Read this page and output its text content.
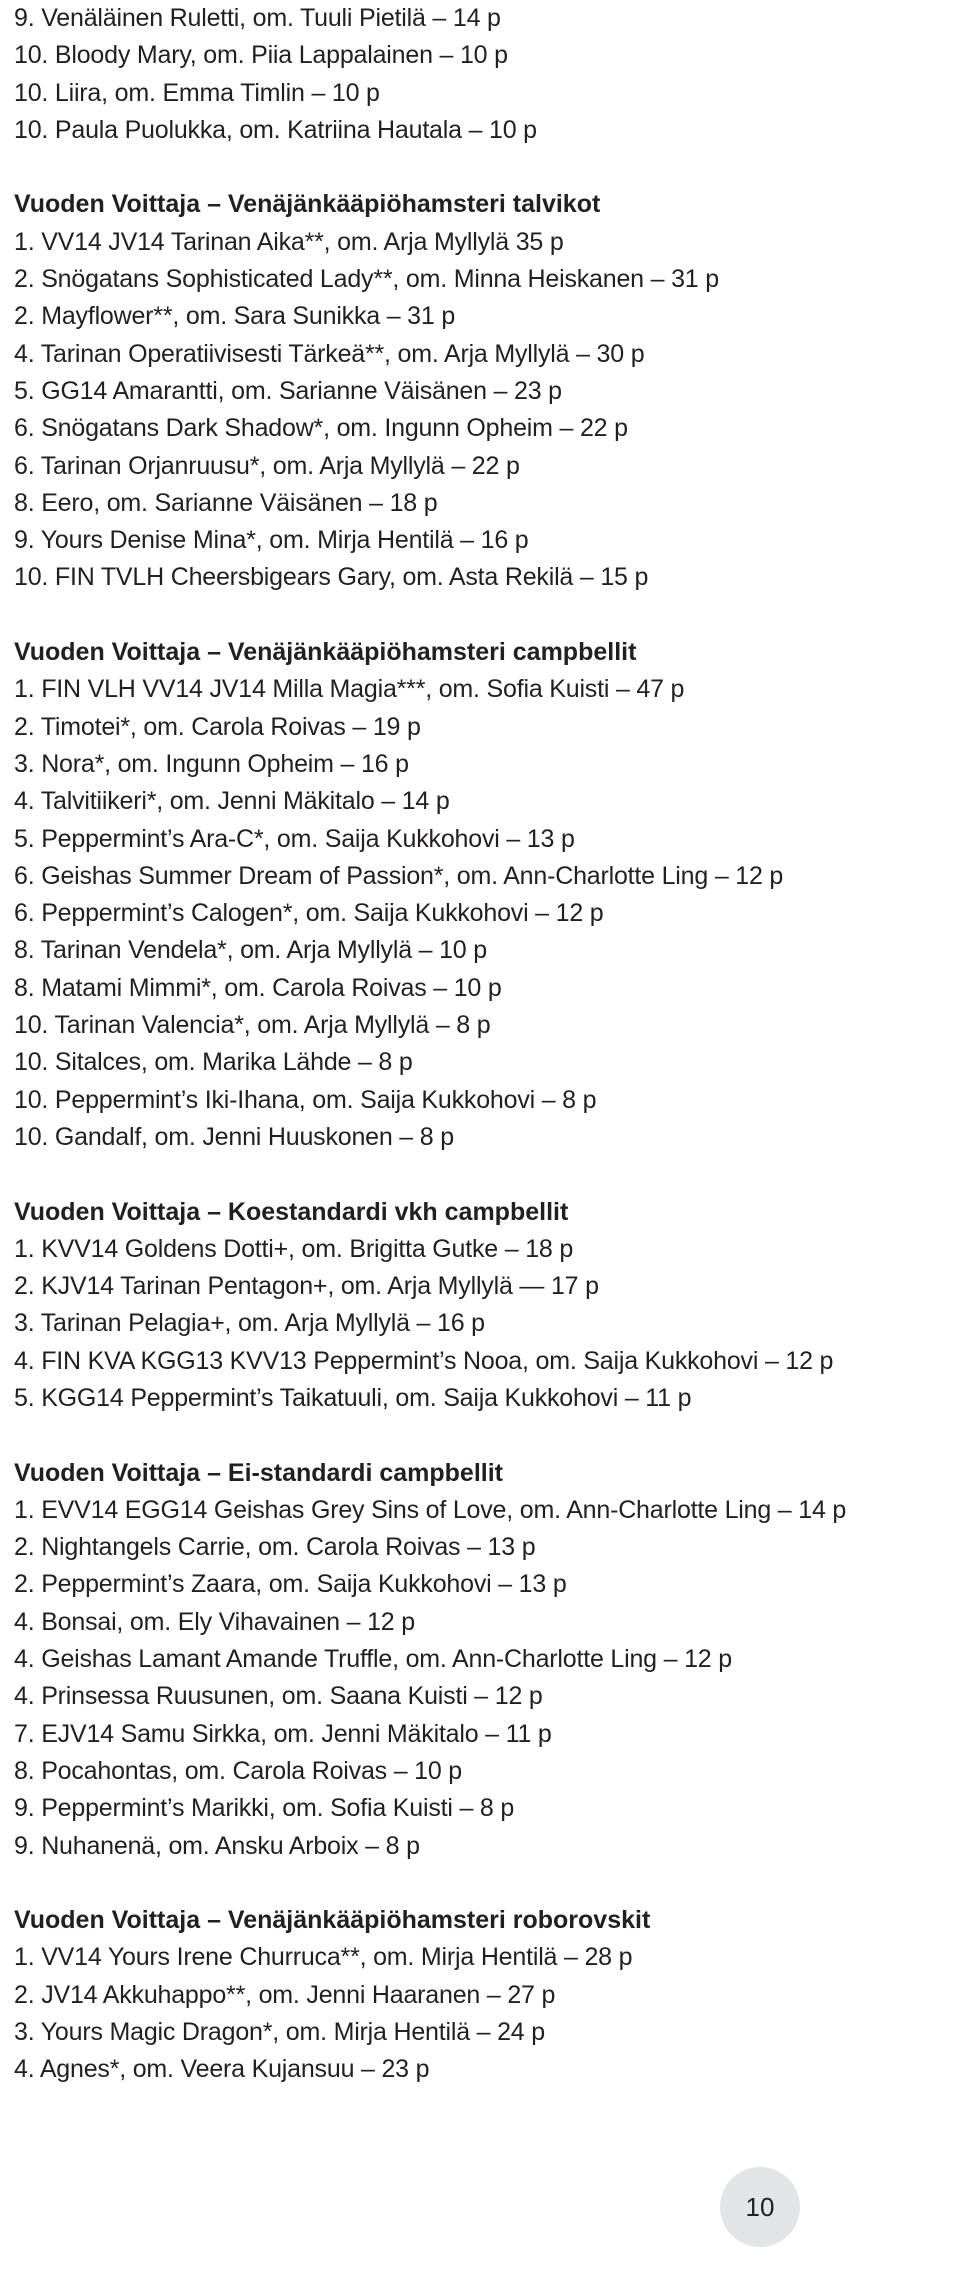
9. Venäläinen Ruletti, om. Tuuli Pietilä – 14 p
10. Bloody Mary, om. Piia Lappalainen – 10 p
10. Liira, om. Emma Timlin – 10 p
10. Paula Puolukka, om. Katriina Hautala – 10 p
Vuoden Voittaja – Venäjänkääpiöhamsteri talvikot
1. VV14 JV14 Tarinan Aika**, om. Arja Myllylä 35 p
2. Snögatans Sophisticated Lady**, om. Minna Heiskanen – 31 p
2. Mayflower**, om. Sara Sunikka – 31 p
4. Tarinan Operatiivisesti Tärkeä**, om. Arja Myllylä – 30 p
5. GG14 Amarantti, om. Sarianne Väisänen – 23 p
6. Snögatans Dark Shadow*, om. Ingunn Opheim – 22 p
6. Tarinan Orjanruusu*, om. Arja Myllylä – 22 p
8. Eero, om. Sarianne Väisänen – 18 p
9. Yours Denise Mina*, om. Mirja Hentilä – 16 p
10. FIN TVLH Cheersbigears Gary, om. Asta Rekilä – 15 p
Vuoden Voittaja – Venäjänkääpiöhamsteri campbellit
1. FIN VLH VV14 JV14 Milla Magia***, om. Sofia Kuisti – 47 p
2. Timotei*, om. Carola Roivas – 19 p
3. Nora*, om. Ingunn Opheim – 16 p
4. Talvitiikeri*, om. Jenni Mäkitalo – 14 p
5. Peppermint’s Ara-C*, om. Saija Kukkohovi – 13 p
6. Geishas Summer Dream of Passion*, om. Ann-Charlotte Ling – 12 p
6. Peppermint’s Calogen*, om. Saija Kukkohovi – 12 p
8. Tarinan Vendela*, om. Arja Myllylä – 10 p
8. Matami Mimmi*, om. Carola Roivas – 10 p
10. Tarinan Valencia*, om. Arja Myllylä – 8 p
10. Sitalces, om. Marika Lähde – 8 p
10. Peppermint’s Iki-Ihana, om. Saija Kukkohovi – 8 p
10. Gandalf, om. Jenni Huuskonen – 8 p
Vuoden Voittaja – Koestandardi vkh campbellit
1. KVV14 Goldens Dotti+, om. Brigitta Gutke – 18 p
2. KJV14 Tarinan Pentagon+, om. Arja Myllylä — 17 p
3. Tarinan Pelagia+, om. Arja Myllylä – 16 p
4. FIN KVA KGG13 KVV13 Peppermint’s Nooa, om. Saija Kukkohovi – 12 p
5. KGG14 Peppermint’s Taikatuuli, om. Saija Kukkohovi – 11 p
Vuoden Voittaja – Ei-standardi campbellit
1. EVV14 EGG14 Geishas Grey Sins of Love, om. Ann-Charlotte Ling – 14 p
2. Nightangels Carrie, om. Carola Roivas – 13 p
2. Peppermint’s Zaara, om. Saija Kukkohovi – 13 p
4. Bonsai, om. Ely Vihavainen – 12 p
4. Geishas Lamant Amande Truffle, om. Ann-Charlotte Ling – 12 p
4. Prinsessa Ruusunen, om. Saana Kuisti – 12 p
7. EJV14 Samu Sirkka, om. Jenni Mäkitalo – 11 p
8. Pocahontas, om. Carola Roivas – 10 p
9. Peppermint’s Marikki, om. Sofia Kuisti – 8 p
9. Nuhanenä, om. Ansku Arboix – 8 p
Vuoden Voittaja – Venäjänkääpiöhamsteri roborovskit
1. VV14 Yours Irene Churruca**, om. Mirja Hentilä – 28 p
2. JV14 Akkuhappo**, om. Jenni Haaranen – 27 p
3. Yours Magic Dragon*, om. Mirja Hentilä – 24 p
4. Agnes*, om. Veera Kujansuu – 23 p
10
